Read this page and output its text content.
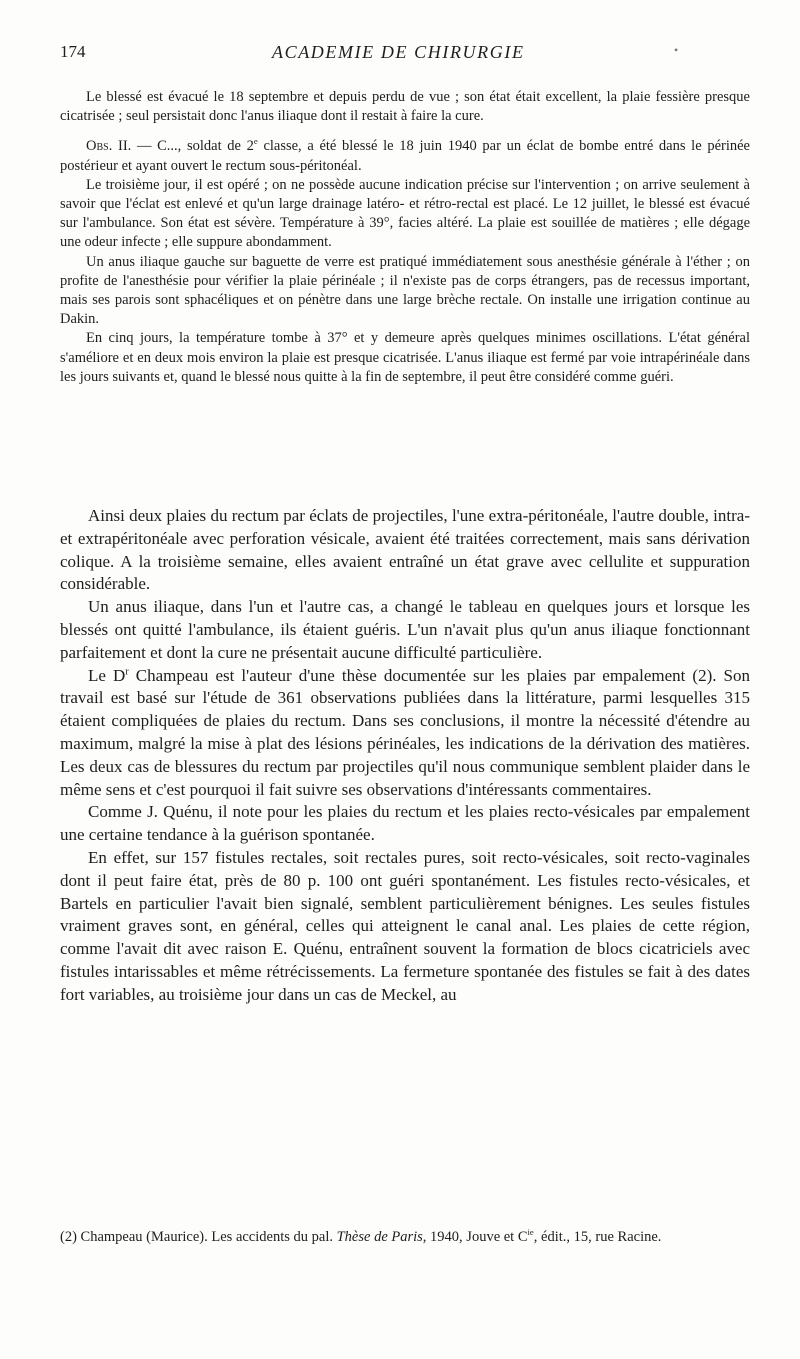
174	ACADEMIE DE CHIRURGIE	•

Le blessé est évacué le 18 septembre et depuis perdu de vue ; son état était excellent, la plaie fessière presque cicatrisée ; seul persistait donc l'anus iliaque dont il restait à faire la cure.

Obs. II. — C..., soldat de 2e classe, a été blessé le 18 juin 1940 par un éclat de bombe entré dans le périnée postérieur et ayant ouvert le rectum sous-péritonéal.

Le troisième jour, il est opéré ; on ne possède aucune indication précise sur l'intervention ; on arrive seulement à savoir que l'éclat est enlevé et qu'un large drainage latéro- et rétro-rectal est placé. Le 12 juillet, le blessé est évacué sur l'ambulance. Son état est sévère. Température à 39°, facies altéré. La plaie est souillée de matières ; elle dégage une odeur infecte ; elle suppure abondamment.

Un anus iliaque gauche sur baguette de verre est pratiqué immédiatement sous anesthésie générale à l'éther ; on profite de l'anesthésie pour vérifier la plaie périnéale ; il n'existe pas de corps étrangers, pas de recessus important, mais ses parois sont sphacéliques et on pénètre dans une large brèche rectale. On installe une irrigation continue au Dakin.

En cinq jours, la température tombe à 37° et y demeure après quelques minimes oscillations. L'état général s'améliore et en deux mois environ la plaie est presque cicatrisée. L'anus iliaque est fermé par voie intrapérinéale dans les jours suivants et, quand le blessé nous quitte à la fin de septembre, il peut être considéré comme guéri.

Ainsi deux plaies du rectum par éclats de projectiles, l'une extra-péritonéale, l'autre double, intra- et extrapéritonéale avec perforation vésicale, avaient été traitées correctement, mais sans dérivation colique. A la troisième semaine, elles avaient entraîné un état grave avec cellulite et suppuration considérable.

Un anus iliaque, dans l'un et l'autre cas, a changé le tableau en quelques jours et lorsque les blessés ont quitté l'ambulance, ils étaient guéris. L'un n'avait plus qu'un anus iliaque fonctionnant parfaitement et dont la cure ne présentait aucune difficulté particulière.

Le $D^r$ Champeau est l'auteur d'une thèse documentée sur les plaies par empalement (2). Son travail est basé sur l'étude de 361 observations publiées dans la littérature, parmi lesquelles 315 étaient compliquées de plaies du rectum. Dans ses conclusions, il montre la nécessité d'étendre au maximum, malgré la mise à plat des lésions périnéales, les indications de la dérivation des matières. Les deux cas de blessures du rectum par projectiles qu'il nous communique semblent plaider dans le même sens et c'est pourquoi il fait suivre ses observations d'intéressants commentaires.

Comme J. Quénu, il note pour les plaies du rectum et les plaies recto-vésicales par empalement une certaine tendance à la guérison spontanée.

En effet, sur 157 fistules rectales, soit rectales pures, soit recto-vésicales, soit recto-vaginales dont il peut faire état, près de 80 p. 100 ont guéri spontanément. Les fistules recto-vésicales, et Bartels en particulier l'avait bien signalé, semblent particulièrement bénignes. Les seules fistules vraiment graves sont, en général, celles qui atteignent le canal anal. Les plaies de cette région, comme l'avait dit avec raison E. Quénu, entraînent souvent la formation de blocs cicatriciels avec fistules intarissables et même rétrécissements. La fermeture spontanée des fistules se fait à des dates fort variables, au troisième jour dans un cas de Meckel, au

(2) Champeau (Maurice). Les accidents du pal. Thèse de Paris, 1940, Jouve et $C^{ie}$, édit., 15, rue Racine.
